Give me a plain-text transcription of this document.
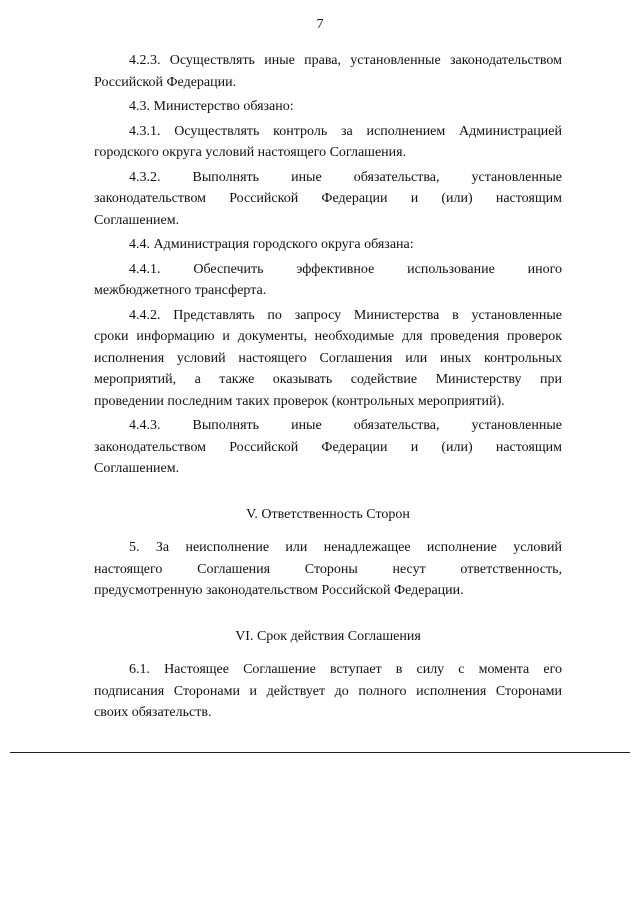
7

4.2.3. Осуществлять иные права, установленные законодательством
Российской Федерации.

4.3. Министерство обязано:

4.3.1. Осуществлять контроль за исполнением Администрацией
городского округа условий настоящего Соглашения.

4.3.2. Выполнять иные обязательства, установленные
законодательством Российской Федерации и (или) настоящим
Соглашением.

4.4. Администрация городского округа обязана:

4.4.1. Обеспечить эффективное использование иного
межбюджетного трансферта.

4.4.2. Представлять по запросу Министерства в установленные
сроки информацию и документы, необходимые для проведения проверок
исполнения условий настоящего Соглашения или иных контрольных
мероприятий, а также оказывать содействие Министерству при
проведении последним таких проверок (контрольных мероприятий).

4.4.3. Выполнять иные обязательства, установленные
законодательством Российской Федерации и (или) настоящим
Соглашением.

V. Ответственность Сторон

5. За неисполнение или ненадлежащее исполнение условий
настоящего Соглашения Стороны несут ответственность,
предусмотренную законодательством Российской Федерации.

VI. Срок действия Соглашения

6.1. Настоящее Соглашение вступает в силу с момента его
подписания Сторонами и действует до полного исполнения Сторонами
своих обязательств.
